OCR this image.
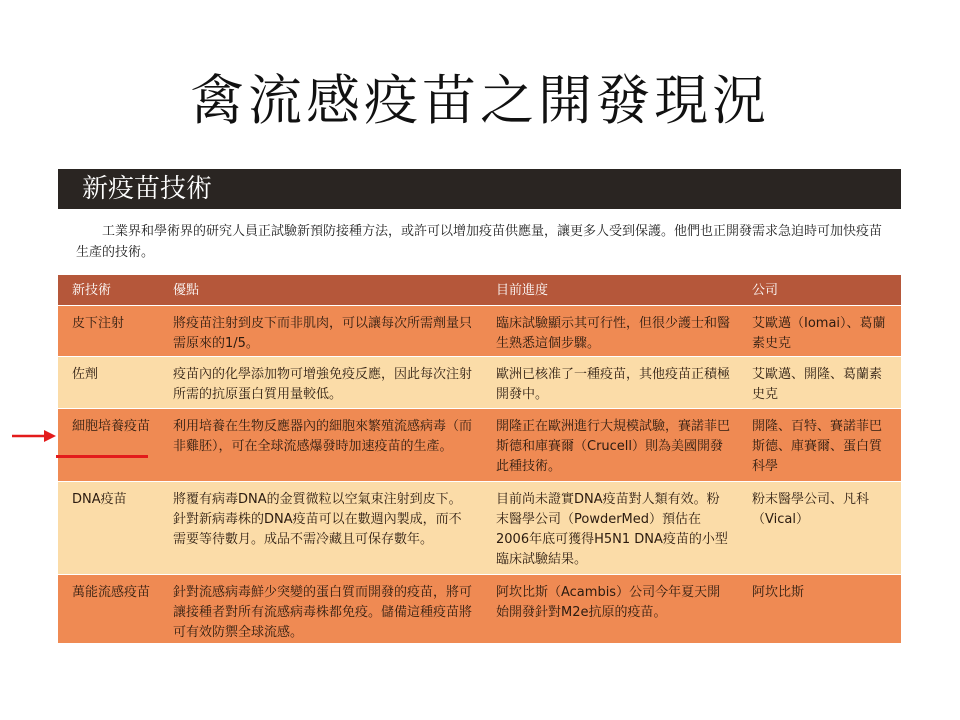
禽流感疫苗之開發現況
新疫苗技術
工業界和學術界的研究人員正試驗新預防接種方法，或許可以增加疫苗供應量，讓更多人受到保護。他們也正開發需求急迫時可加快疫苗生產的技術。
新技術	優點	目前進度	公司
皮下注射	將疫苗注射到皮下而非肌肉，可以讓每次所需劑量只需原來的1/5。	臨床試驗顯示其可行性，但很少護士和醫生熟悉這個步驟。	艾歐邁（Iomai）、葛蘭素史克
佐劑	疫苗內的化學添加物可增強免疫反應，因此每次注射所需的抗原蛋白質用量較低。	歐洲已核准了一種疫苗，其他疫苗正積極開發中。	艾歐邁、開隆、葛蘭素史克
細胞培養疫苗	利用培養在生物反應器內的細胞來繁殖流感病毒（而非雞胚），可在全球流感爆發時加速疫苗的生產。	開隆正在歐洲進行大規模試驗，賽諾菲巴斯德和庫賽爾（Crucell）則為美國開發此種技術。	開隆、百特、賽諾菲巴斯德、庫賽爾、蛋白質科學
DNA疫苗	將覆有病毒DNA的金質微粒以空氣束注射到皮下。針對新病毒株的DNA疫苗可以在數週內製成，而不需要等待數月。成品不需冷藏且可保存數年。	目前尚未證實DNA疫苗對人類有效。粉末醫學公司（PowderMed）預估在2006年底可獲得H5N1 DNA疫苗的小型臨床試驗結果。	粉末醫學公司、凡科（Vical）
萬能流感疫苗	針對流感病毒鮮少突變的蛋白質而開發的疫苗，將可讓接種者對所有流感病毒株都免疫。儲備這種疫苗將可有效防禦全球流感。	阿坎比斯（Acambis）公司今年夏天開始開發針對M2e抗原的疫苗。	阿坎比斯
